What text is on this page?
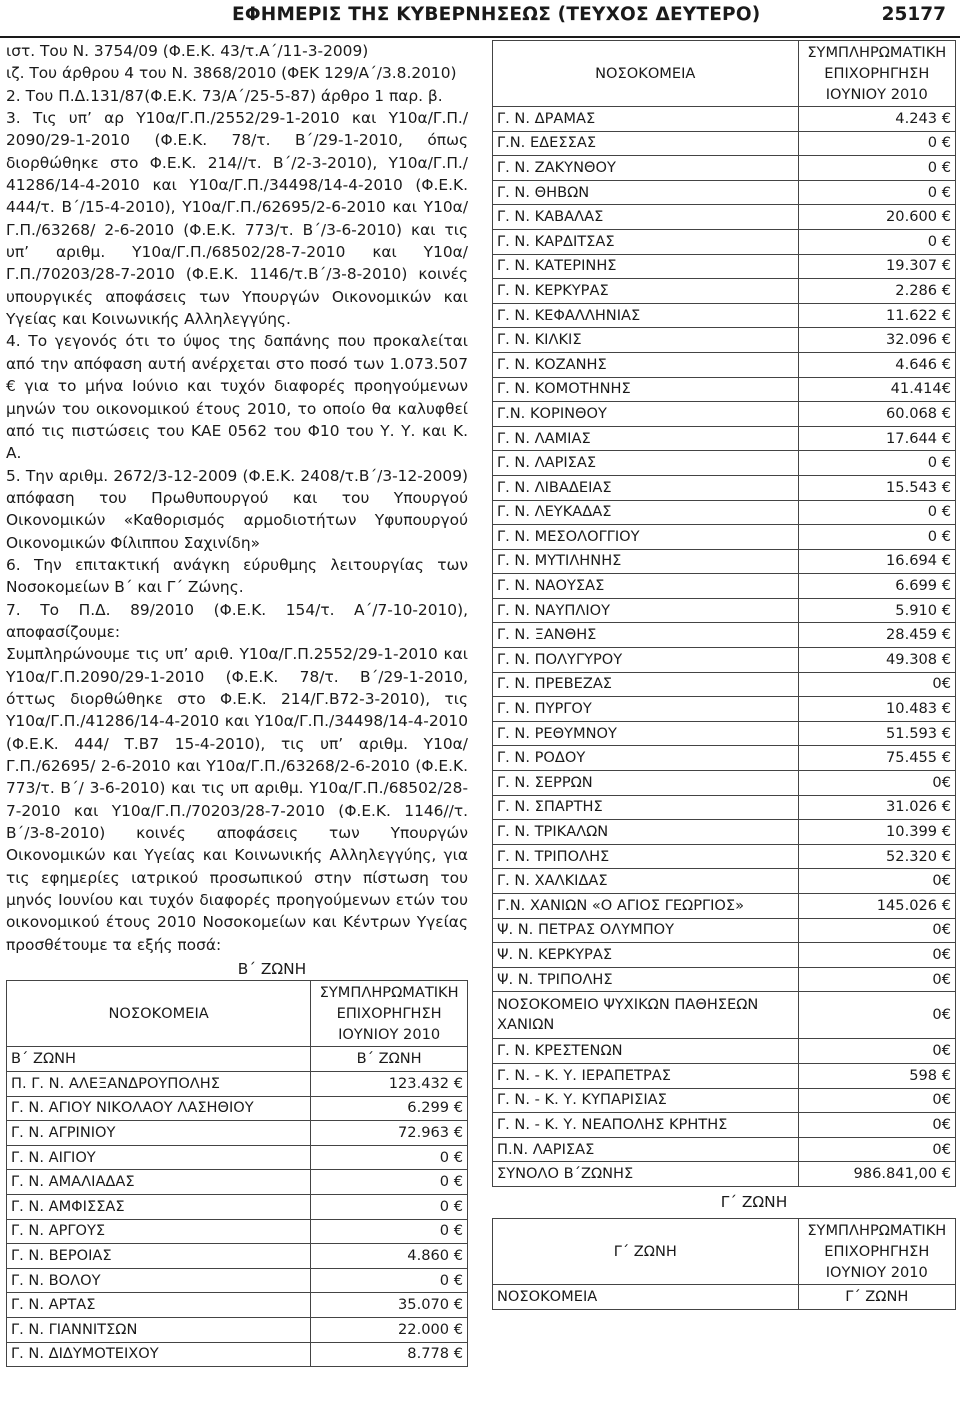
ΕΦΗΜΕΡΙΣ ΤΗΣ ΚΥΒΕΡΝΗΣΕΩΣ (ΤΕΥΧΟΣ ΔΕΥΤΕΡΟ)	25177
ιστ. Του Ν. 3754/09 (Φ.Ε.Κ. 43/τ.Α΄/11-3-2009)
ιζ. Του άρθρου 4 του Ν. 3868/2010 (ΦΕΚ 129/Α΄/3.8.2010)
2. Του Π.Δ.131/87(Φ.Ε.Κ. 73/Α΄/25-5-87) άρθρο 1 παρ. β.
3. Τις υπ’ αρ Υ10α/Γ.Π./2552/29-1-2010 και Υ10α/Γ.Π./ 2090/29-1-2010 (Φ.Ε.Κ. 78/τ. Β΄/29-1-2010, όπως διορθώθηκε στο Φ.Ε.Κ. 214//τ. Β΄/2-3-2010), Υ10α/Γ.Π./ 41286/14-4-2010 και Υ10α/Γ.Π./34498/14-4-2010 (Φ.Ε.Κ. 444/τ. Β΄/15-4-2010), Υ10α/Γ.Π./62695/2-6-2010 και Υ10α/Γ.Π./63268/ 2-6-2010 (Φ.Ε.Κ. 773/τ. Β΄/3-6-2010) και τις υπ’ αριθμ. Υ10α/Γ.Π./68502/28-7-2010 και Υ10α/Γ.Π./70203/28-7-2010 (Φ.Ε.Κ. 1146/τ.Β΄/3-8-2010) κοινές υπουργικές αποφάσεις των Υπουργών Οικονομικών και Υγείας και Κοινωνικής Αλληλεγγύης.
4. Το γεγονός ότι το ύψος της δαπάνης που προκαλείται από την απόφαση αυτή ανέρχεται στο ποσό των 1.073.507 € για το μήνα Ιούνιο και τυχόν διαφορές προηγούμενων μηνών του οικονομικού έτους 2010, το οποίο θα καλυφθεί από τις πιστώσεις του ΚΑΕ 0562 του Φ10 του Υ. Υ. και Κ. Α.
5. Την αριθμ. 2672/3-12-2009 (Φ.Ε.Κ. 2408/τ.Β΄/3-12-2009) απόφαση του Πρωθυπουργού και του Υπουργού Οικονομικών «Καθορισμός αρμοδιοτήτων Υφυπουργού Οικονομικών Φίλιππου Σαχινίδη»
6. Την επιτακτική ανάγκη εύρυθμης λειτουργίας των Νοσοκομείων Β΄ και Γ΄ Ζώνης.
7. Το Π.Δ. 89/2010 (Φ.Ε.Κ. 154/τ. Α΄/7-10-2010), αποφασίζουμε:
Συμπληρώνουμε τις υπ’ αριθ. Υ10α/Γ.Π.2552/29-1-2010 και Υ10α/Γ.Π.2090/29-1-2010 (Φ.Ε.Κ. 78/τ. Β΄/29-1-2010, όττως διορθώθηκε στο Φ.Ε.Κ. 214/Γ.Β72-3-2010), τις Υ10α/Γ.Π./41286/14-4-2010 και Υ10α/Γ.Π./34498/14-4-2010 (Φ.Ε.Κ. 444/ Τ.Β7 15-4-2010), τις υπ’ αριθμ. Υ10α/Γ.Π./62695/ 2-6-2010 και Υ10α/Γ.Π./63268/2-6-2010 (Φ.Ε.Κ. 773/τ. Β΄/ 3-6-2010) και τις υπ αριθμ. Υ10α/Γ.Π./68502/28-7-2010 και Υ10α/Γ.Π./70203/28-7-2010 (Φ.Ε.Κ. 1146//τ. Β΄/3-8-2010) κοινές αποφάσεις των Υπουργών Οικονομικών και Υγείας και Κοινωνικής Αλληλεγγύης, για τις εφημερίες ιατρικού προσωπικού στην πίστωση του μηνός Ιουνίου και τυχόν διαφορές προηγούμενων ετών του οικονομικού έτους 2010 Νοσοκομείων και Κέντρων Υγείας προσθέτουμε τα εξής ποσά:
Β΄ ΖΩΝΗ
ΝΟΣΟΚΟΜΕΙΑ	ΣΥΜΠΛΗΡΩΜΑΤΙΚΗ ΕΠΙΧΟΡΗΓΗΣΗ ΙΟΥΝΙΟΥ 2010
Β΄ ΖΩΝΗ	Β΄ ΖΩΝΗ
Π. Γ. Ν. ΑΛΕΞΑΝΔΡΟΥΠΟΛΗΣ	123.432 €
Γ. Ν. ΑΓΙΟΥ ΝΙΚΟΛΑΟΥ ΛΑΣΗΘΙΟΥ	6.299 €
Γ. Ν. ΑΓΡΙΝΙΟΥ	72.963 €
Γ. Ν. ΑΙΓΙΟΥ	0 €
Γ. Ν. ΑΜΑΛΙΑΔΑΣ	0 €
Γ. Ν. ΑΜΦΙΣΣΑΣ	0 €
Γ. Ν. ΑΡΓΟΥΣ	0 €
Γ. Ν. ΒΕΡΟΙΑΣ	4.860 €
Γ. Ν. ΒΟΛΟΥ	0 €
Γ. Ν. ΑΡΤΑΣ	35.070 €
Γ. Ν. ΓΙΑΝΝΙΤΣΩΝ	22.000 €
Γ. Ν. ΔΙΔΥΜΟΤΕΙΧΟΥ	8.778 €
ΝΟΣΟΚΟΜΕΙΑ	ΣΥΜΠΛΗΡΩΜΑΤΙΚΗ ΕΠΙΧΟΡΗΓΗΣΗ ΙΟΥΝΙΟΥ 2010
Γ. Ν. ΔΡΑΜΑΣ	4.243 €
Γ.Ν. ΕΔΕΣΣΑΣ	0 €
Γ. Ν. ΖΑΚΥΝΘΟΥ	0 €
Γ. Ν. ΘΗΒΩΝ	0 €
Γ. Ν. ΚΑΒΑΛΑΣ	20.600 €
Γ. Ν. ΚΑΡΔΙΤΣΑΣ	0 €
Γ. Ν. ΚΑΤΕΡΙΝΗΣ	19.307 €
Γ. Ν. ΚΕΡΚΥΡΑΣ	2.286 €
Γ. Ν. ΚΕΦΑΛΛΗΝΙΑΣ	11.622 €
Γ. Ν. ΚΙΛΚΙΣ	32.096 €
Γ. Ν. ΚΟΖΑΝΗΣ	4.646 €
Γ. Ν. ΚΟΜΟΤΗΝΗΣ	41.414€
Γ.Ν. ΚΟΡΙΝΘΟΥ	60.068 €
Γ. Ν. ΛΑΜΙΑΣ	17.644 €
Γ. Ν. ΛΑΡΙΣΑΣ	0 €
Γ. Ν. ΛΙΒΑΔΕΙΑΣ	15.543 €
Γ. Ν. ΛΕΥΚΑΔΑΣ	0 €
Γ. Ν. ΜΕΣΟΛΟΓΓΙΟΥ	0 €
Γ. Ν. ΜΥΤΙΛΗΝΗΣ	16.694 €
Γ. Ν. ΝΑΟΥΣΑΣ	6.699 €
Γ. Ν. ΝΑΥΠΛΙΟΥ	5.910 €
Γ. Ν. ΞΑΝΘΗΣ	28.459 €
Γ. Ν. ΠΟΛΥΓΥΡΟΥ	49.308 €
Γ. Ν. ΠΡΕΒΕΖΑΣ	0€
Γ. Ν. ΠΥΡΓΟΥ	10.483 €
Γ. Ν. ΡΕΘΥΜΝΟΥ	51.593 €
Γ. Ν. ΡΟΔΟΥ	75.455 €
Γ. Ν. ΣΕΡΡΩΝ	0€
Γ. Ν. ΣΠΑΡΤΗΣ	31.026 €
Γ. Ν. ΤΡΙΚΑΛΩΝ	10.399 €
Γ. Ν. ΤΡΙΠΟΛΗΣ	52.320 €
Γ. Ν. ΧΑΛΚΙΔΑΣ	0€
Γ.Ν. ΧΑΝΙΩΝ «Ο ΑΓΙΟΣ ΓΕΩΡΓΙΟΣ»	145.026 €
Ψ. Ν. ΠΕΤΡΑΣ ΟΛΥΜΠΟΥ	0€
Ψ. Ν. ΚΕΡΚΥΡΑΣ	0€
Ψ. Ν. ΤΡΙΠΟΛΗΣ	0€
ΝΟΣΟΚΟΜΕΙΟ ΨΥΧΙΚΩΝ ΠΑΘΗΣΕΩΝ ΧΑΝΙΩΝ	0€
Γ. Ν. ΚΡΕΣΤΕΝΩΝ	0€
Γ. Ν. - Κ. Υ. ΙΕΡΑΠΕΤΡΑΣ	598 €
Γ. Ν. - Κ. Υ. ΚΥΠΑΡΙΣΙΑΣ	0€
Γ. Ν. - Κ. Υ. ΝΕΑΠΟΛΗΣ ΚΡΗΤΗΣ	0€
Π.Ν. ΛΑΡΙΣΑΣ	0€
ΣΥΝΟΛΟ Β΄ΖΩΝΗΣ	986.841,00 €
Γ΄ ΖΩΝΗ
Γ΄ ΖΩΝΗ	ΣΥΜΠΛΗΡΩΜΑΤΙΚΗ ΕΠΙΧΟΡΗΓΗΣΗ ΙΟΥΝΙΟΥ 2010
ΝΟΣΟΚΟΜΕΙΑ	Γ΄ ΖΩΝΗ
